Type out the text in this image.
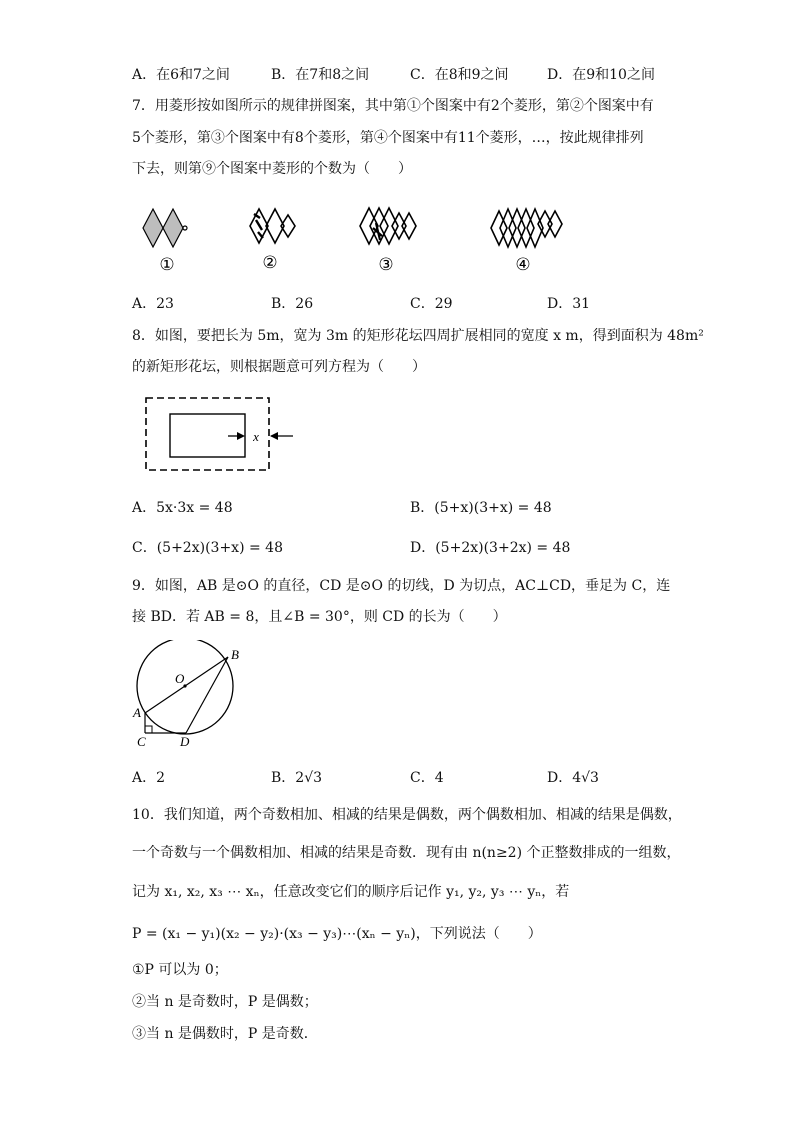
A．在6和7之间	B．在7和8之间	C．在8和9之间	D．在9和10之间
7．用菱形按如图所示的规律拼图案，其中第①个图案中有2个菱形，第②个图案中有
5个菱形，第③个图案中有8个菱形，第④个图案中有11个菱形，…，按此规律排列
下去，则第⑨个图案中菱形的个数为（　　）
①	②	③	④
A．23	B．26	C．29	D．31
8．如图，要把长为 5m，宽为 3m 的矩形花坛四周扩展相同的宽度 x m，得到面积为 48m²
的新矩形花坛，则根据题意可列方程为（　　）
x
A．5x·3x = 48	B．(5+x)(3+x) = 48
C．(5+2x)(3+x) = 48	D．(5+2x)(3+2x) = 48
9．如图，AB 是⊙O 的直径，CD 是⊙O 的切线，D 为切点，AC⊥CD，垂足为 C，连
接 BD．若 AB = 8，且∠B = 30°，则 CD 的长为（　　）
B
O
A
C	D
A．2	B．2√3	C．4	D．4√3
10．我们知道，两个奇数相加、相减的结果是偶数，两个偶数相加、相减的结果是偶数，
一个奇数与一个偶数相加、相减的结果是奇数．现有由 n(n≥2) 个正整数排成的一组数，
记为 x₁, x₂, x₃ ⋯ xₙ，任意改变它们的顺序后记作 y₁, y₂, y₃ ⋯ yₙ，若
P = (x₁ − y₁)(x₂ − y₂)·(x₃ − y₃)⋯(xₙ − yₙ)，下列说法（　　）
①P 可以为 0；
②当 n 是奇数时，P 是偶数；
③当 n 是偶数时，P 是奇数．
